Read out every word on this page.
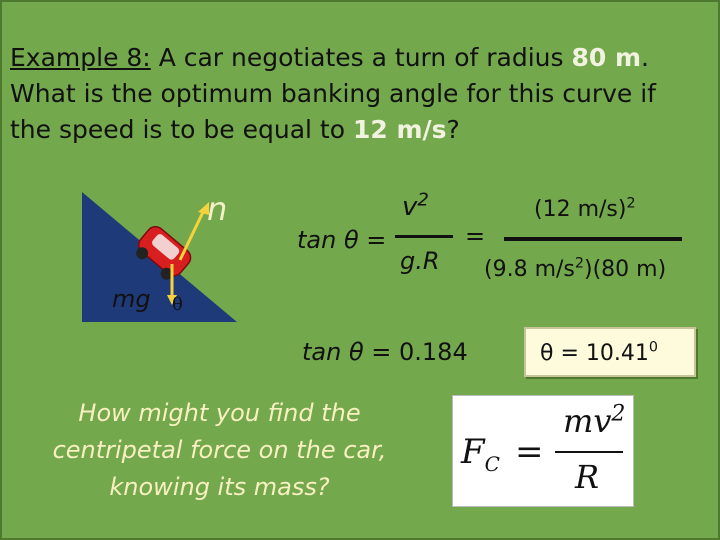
Example 8: A car negotiates a turn of radius 80 m.
What is the optimum banking angle for this curve if
the speed is to be equal to 12 m/s?
n
mg θ
tan θ =
$v^2$
g.R
=
(12 m/s)$^2$
(9.8 $m/s^2)(80$ m)
tan θ = 0.184	$\theta = 10.41^0$
How might you find the centripetal force on the car, knowing its mass?
$F_C$ =
$mv^2$
R
